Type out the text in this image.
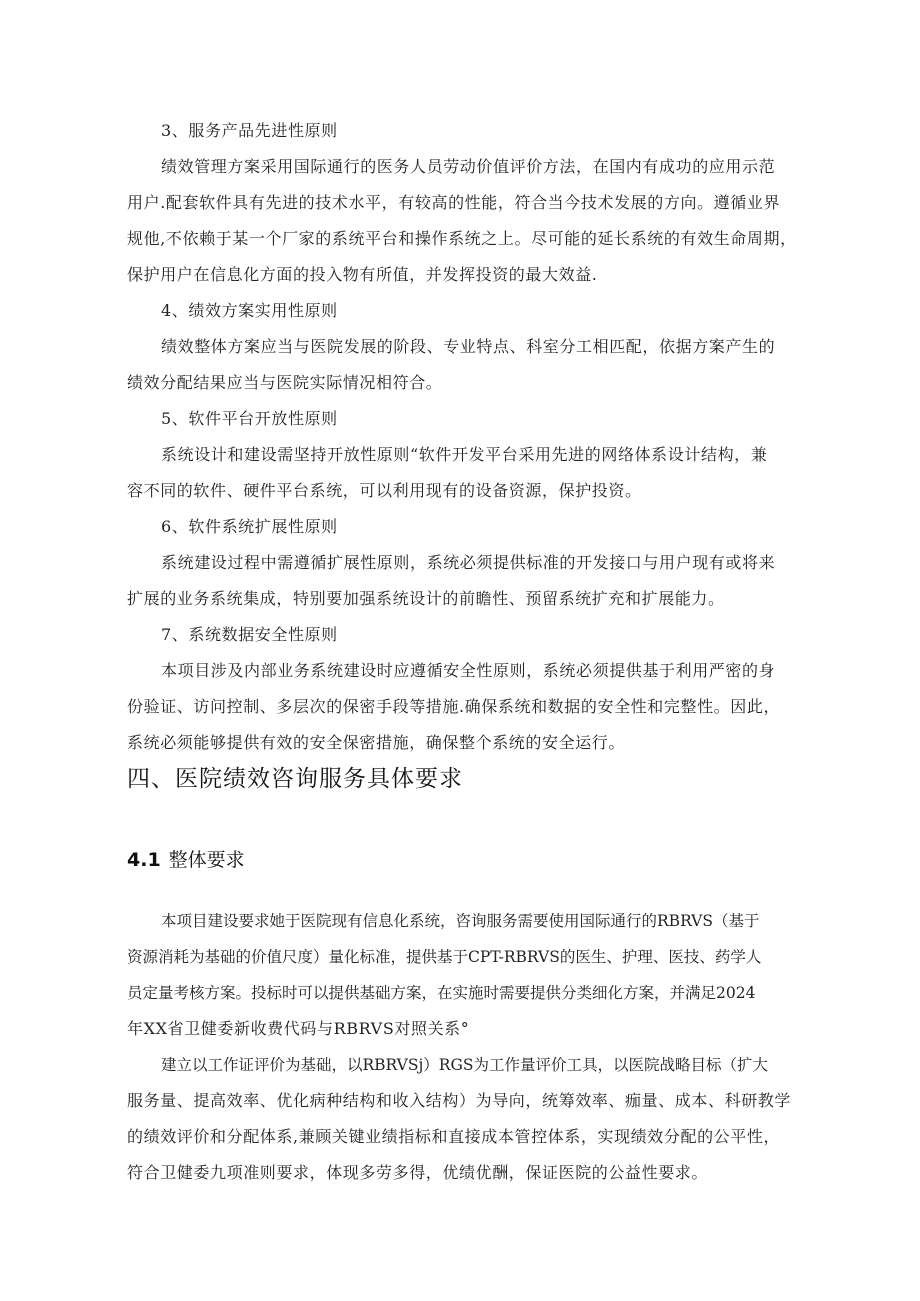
3、服务产品先进性原则
绩效管理方案采用国际通行的医务人员劳动价值评价方法，在国内有成功的应用示范
用户.配套软件具有先进的技术水平，有较高的性能，符合当今技术发展的方向。遵循业界
规他,不依赖于某一个厂家的系统平台和操作系统之上。尽可能的延长系统的有效生命周期，
保护用户在信息化方面的投入物有所值，并发挥投资的最大效益.
4、绩效方案实用性原则
绩效整体方案应当与医院发展的阶段、专业特点、科室分工相匹配，依据方案产生的
绩效分配结果应当与医院实际情况相符合。
5、软件平台开放性原则
系统设计和建设需坚持开放性原则“软件开发平台采用先进的网络体系设计结构，兼
容不同的软件、硬件平台系统，可以利用现有的设备资源，保护投资。
6、软件系统扩展性原则
系统建设过程中需遵循扩展性原则，系统必须提供标准的开发接口与用户现有或将来
扩展的业务系统集成，特别要加强系统设计的前瞻性、预留系统扩充和扩展能力。
7、系统数据安全性原则
本项目涉及内部业务系统建设时应遵循安全性原则，系统必须提供基于利用严密的身
份验证、访问控制、多层次的保密手段等措施.确保系统和数据的安全性和完整性。因此，
系统必须能够提供有效的安全保密措施，确保整个系统的安全运行。
四、医院绩效咨询服务具体要求
4.1 整体要求
本项目建设要求她于医院现有信息化系统，咨询服务需要使用国际通行的RBRVS（基于
资源消耗为基础的价值尺度）量化标准，提供基于CPT-RBRVS的医生、护理、医技、药学人
员定量考核方案。投标时可以提供基础方案，在实施时需要提供分类细化方案，并满足2024
年XX省卫健委新收费代码与RBRVS对照关系°
建立以工作证评价为基础，以RBRVSj）RGS为工作量评价工具，以医院战略目标（扩大
服务量、提高效率、优化病种结构和收入结构）为导向，统筹效率、痂量、成本、科研教学
的绩效评价和分配体系,兼顾关键业绩指标和直接成本管控体系，实现绩效分配的公平性，
符合卫健委九项准则要求，体现多劳多得，优绩优酬，保证医院的公益性要求。
